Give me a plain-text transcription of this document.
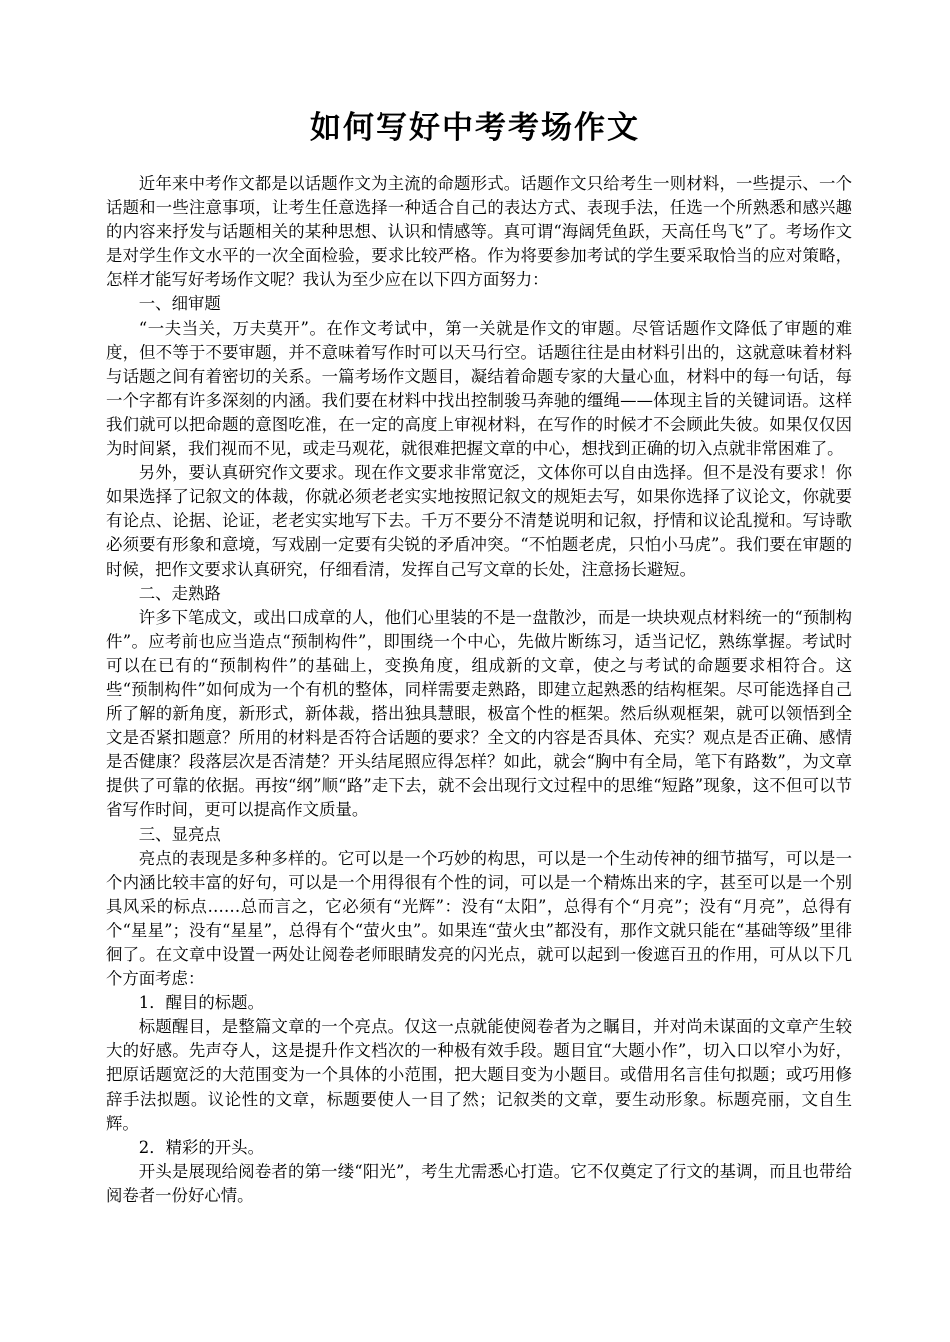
如何写好中考考场作文

近年来中考作文都是以话题作文为主流的命题形式。话题作文只给考生一则材料，一些提示、一个话题和一些注意事项，让考生任意选择一种适合自己的表达方式、表现手法，任选一个所熟悉和感兴趣的内容来抒发与话题相关的某种思想、认识和情感等。真可谓“海阔凭鱼跃，天高任鸟飞”了。考场作文是对学生作文水平的一次全面检验，要求比较严格。作为将要参加考试的学生要采取恰当的应对策略，怎样才能写好考场作文呢？我认为至少应在以下四方面努力：

一、细审题

“一夫当关，万夫莫开”。在作文考试中，第一关就是作文的审题。尽管话题作文降低了审题的难度，但不等于不要审题，并不意味着写作时可以天马行空。话题往往是由材料引出的，这就意味着材料与话题之间有着密切的关系。一篇考场作文题目，凝结着命题专家的大量心血，材料中的每一句话，每一个字都有许多深刻的内涵。我们要在材料中找出控制骏马奔驰的缰绳——体现主旨的关键词语。这样我们就可以把命题的意图吃准，在一定的高度上审视材料，在写作的时候才不会顾此失彼。如果仅仅因为时间紧，我们视而不见，或走马观花，就很难把握文章的中心，想找到正确的切入点就非常困难了。

另外，要认真研究作文要求。现在作文要求非常宽泛，文体你可以自由选择。但不是没有要求！你如果选择了记叙文的体裁，你就必须老老实实地按照记叙文的规矩去写，如果你选择了议论文，你就要有论点、论据、论证，老老实实地写下去。千万不要分不清楚说明和记叙，抒情和议论乱搅和。写诗歌必须要有形象和意境，写戏剧一定要有尖锐的矛盾冲突。“不怕题老虎，只怕小马虎”。我们要在审题的时候，把作文要求认真研究，仔细看清，发挥自己写文章的长处，注意扬长避短。

二、走熟路

许多下笔成文，或出口成章的人，他们心里装的不是一盘散沙，而是一块块观点材料统一的“预制构件”。应考前也应当造点“预制构件”，即围绕一个中心，先做片断练习，适当记忆，熟练掌握。考试时可以在已有的“预制构件”的基础上，变换角度，组成新的文章，使之与考试的命题要求相符合。这些“预制构件”如何成为一个有机的整体，同样需要走熟路，即建立起熟悉的结构框架。尽可能选择自己所了解的新角度，新形式，新体裁，搭出独具慧眼，极富个性的框架。然后纵观框架，就可以领悟到全文是否紧扣题意？所用的材料是否符合话题的要求？全文的内容是否具体、充实？观点是否正确、感情是否健康？段落层次是否清楚？开头结尾照应得怎样？如此，就会“胸中有全局，笔下有路数”，为文章提供了可靠的依据。再按“纲”顺“路”走下去，就不会出现行文过程中的思维“短路”现象，这不但可以节省写作时间，更可以提高作文质量。

三、显亮点

亮点的表现是多种多样的。它可以是一个巧妙的构思，可以是一个生动传神的细节描写，可以是一个内涵比较丰富的好句，可以是一个用得很有个性的词，可以是一个精炼出来的字，甚至可以是一个别具风采的标点……总而言之，它必须有“光辉”：没有“太阳”，总得有个“月亮”；没有“月亮”，总得有个“星星”；没有“星星”，总得有个“萤火虫”。如果连“萤火虫”都没有，那作文就只能在“基础等级”里徘徊了。在文章中设置一两处让阅卷老师眼睛发亮的闪光点，就可以起到一俊遮百丑的作用，可从以下几个方面考虑：

1．醒目的标题。

标题醒目，是整篇文章的一个亮点。仅这一点就能使阅卷者为之瞩目，并对尚未谋面的文章产生较大的好感。先声夺人，这是提升作文档次的一种极有效手段。题目宜“大题小作”，切入口以窄小为好，把原话题宽泛的大范围变为一个具体的小范围，把大题目变为小题目。或借用名言佳句拟题；或巧用修辞手法拟题。议论性的文章，标题要使人一目了然；记叙类的文章，要生动形象。标题亮丽，文自生辉。

2．精彩的开头。

开头是展现给阅卷者的第一缕“阳光”，考生尤需悉心打造。它不仅奠定了行文的基调，而且也带给阅卷者一份好心情。
